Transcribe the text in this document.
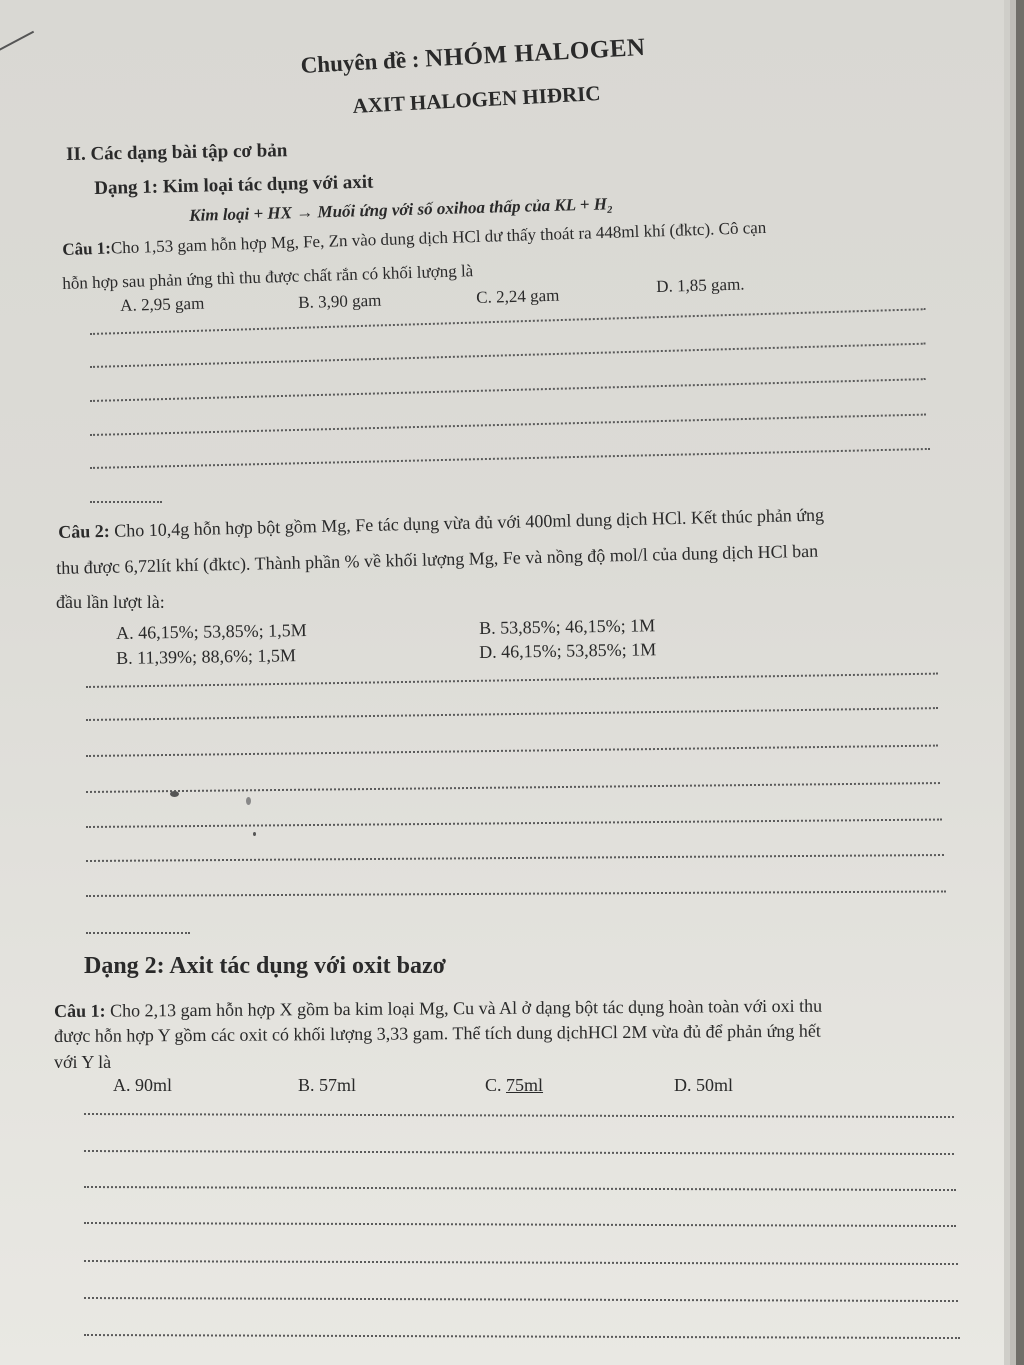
Chuyên đề : NHÓM HALOGEN
AXIT HALOGEN HIĐRIC
II. Các dạng bài tập cơ bản
Dạng 1: Kim loại tác dụng với axit
Kim loại + HX → Muối ứng với số oxihoa thấp của KL + H₂
Câu 1:Cho 1,53 gam hỗn hợp Mg, Fe, Zn vào dung dịch HCl dư thấy thoát ra 448ml khí (đktc). Cô cạn
hỗn hợp sau phản ứng thì thu được chất rắn có khối lượng là
A. 2,95 gam	B. 3,90 gam	C. 2,24 gam
D. 1,85 gam.
Câu 2: Cho 10,4g hỗn hợp bột gồm Mg, Fe tác dụng vừa đủ với 400ml dung dịch HCl. Kết thúc phản ứng
thu được 6,72lít khí (đktc). Thành phần % về khối lượng Mg, Fe và nồng độ mol/l của dung dịch HCl ban
đầu lần lượt là:
A. 46,15%; 53,85%; 1,5M	B. 53,85%; 46,15%; 1M
B. 11,39%; 88,6%; 1,5M	D. 46,15%; 53,85%; 1M
Dạng 2: Axit tác dụng với oxit bazơ
Câu 1: Cho 2,13 gam hỗn hợp X gồm ba kim loại Mg, Cu và Al ở dạng bột tác dụng hoàn toàn với oxi thu
được hỗn hợp Y gồm các oxit có khối lượng 3,33 gam. Thể tích dung dịchHCl 2M vừa đủ để phản ứng hết
với Y là
A. 90ml	B. 57ml	C. 75ml	D. 50ml
